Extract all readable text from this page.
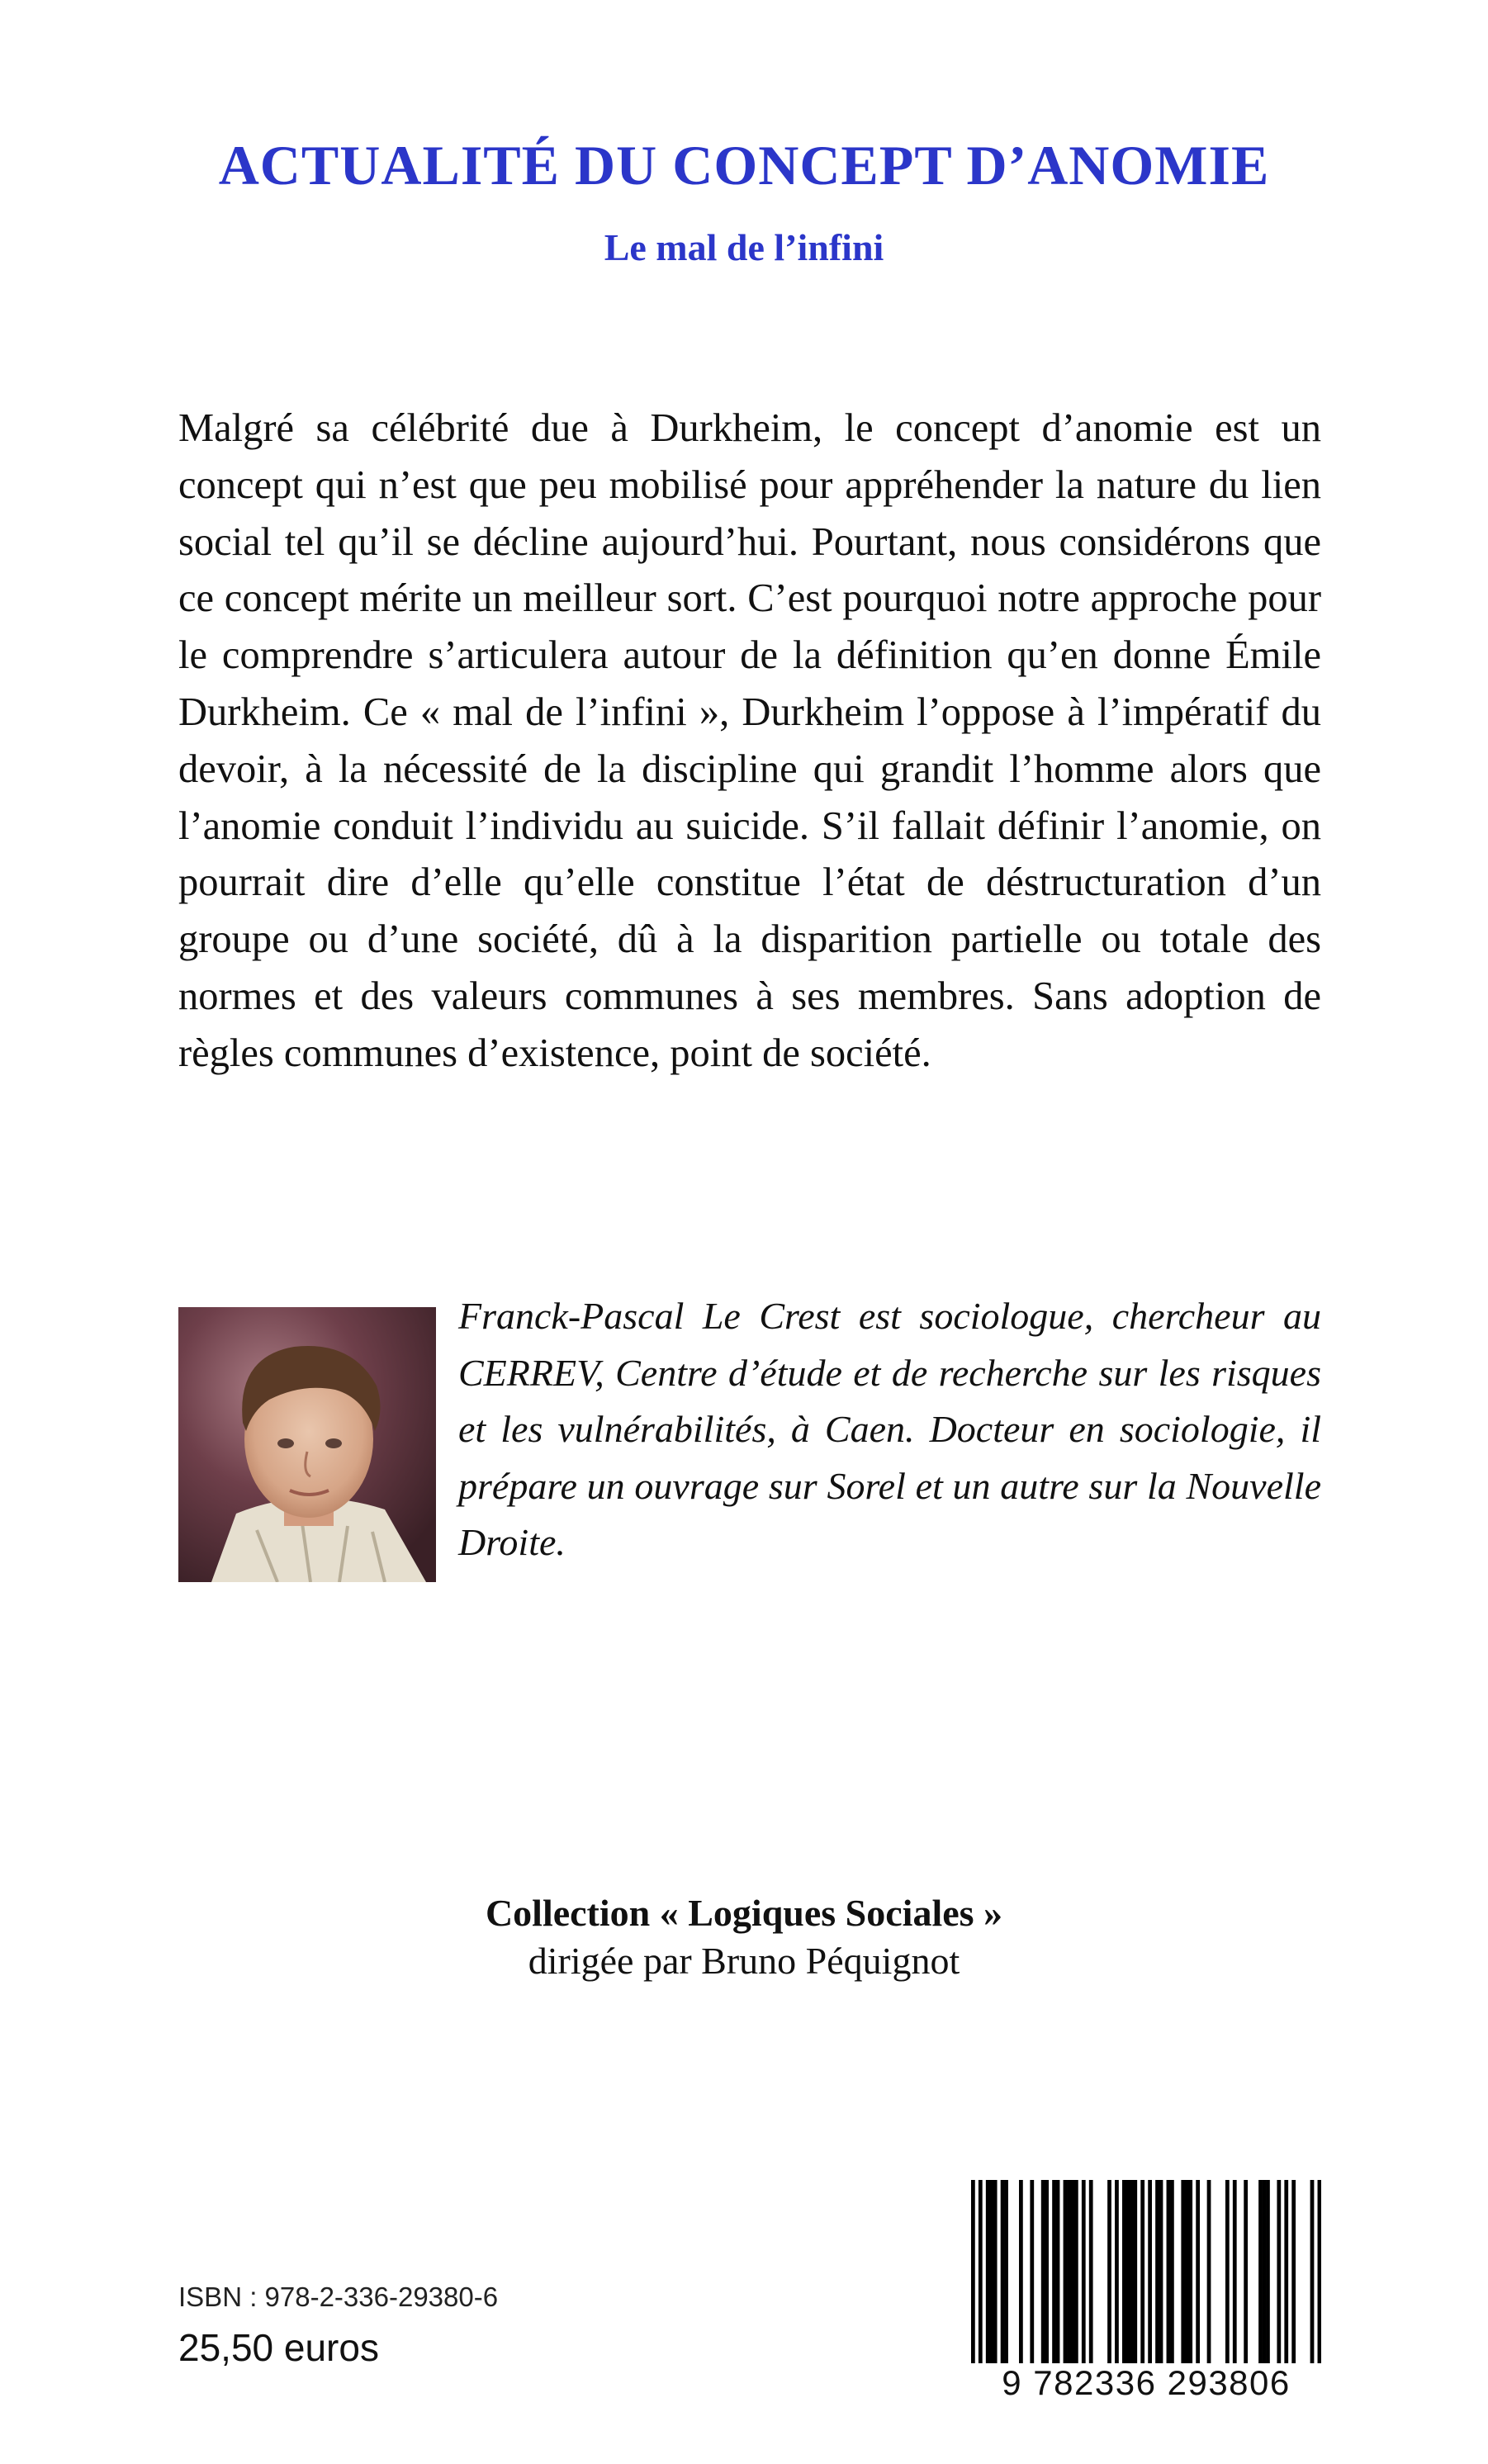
ACTUALITÉ DU CONCEPT D’ANOMIE
Le mal de l’infini

Malgré sa célébrité due à Durkheim, le concept d’anomie est un concept qui n’est que peu mobilisé pour appréhender la nature du lien social tel qu’il se décline aujourd’hui. Pourtant, nous considérons que ce concept mérite un meilleur sort. C’est pourquoi notre approche pour le comprendre s’articulera autour de la définition qu’en donne Émile Durkheim. Ce « mal de l’infini », Durkheim l’oppose à l’impératif du devoir, à la nécessité de la discipline qui grandit l’homme alors que l’anomie conduit l’individu au suicide. S’il fallait définir l’anomie, on pourrait dire d’elle qu’elle constitue l’état de déstructuration d’un groupe ou d’une société, dû à la disparition partielle ou totale des normes et des valeurs communes à ses membres. Sans adoption de règles communes d’existence, point de société.

Franck-Pascal Le Crest est sociologue, chercheur au CERREV, Centre d’étude et de recherche sur les risques et les vulnérabilités, à Caen. Docteur en sociologie, il prépare un ouvrage sur Sorel et un autre sur la Nouvelle Droite.

Collection « Logiques Sociales »
dirigée par Bruno Péquignot
ISBN : 978-2-336-29380-6
25,50 euros
9 782336 293806
